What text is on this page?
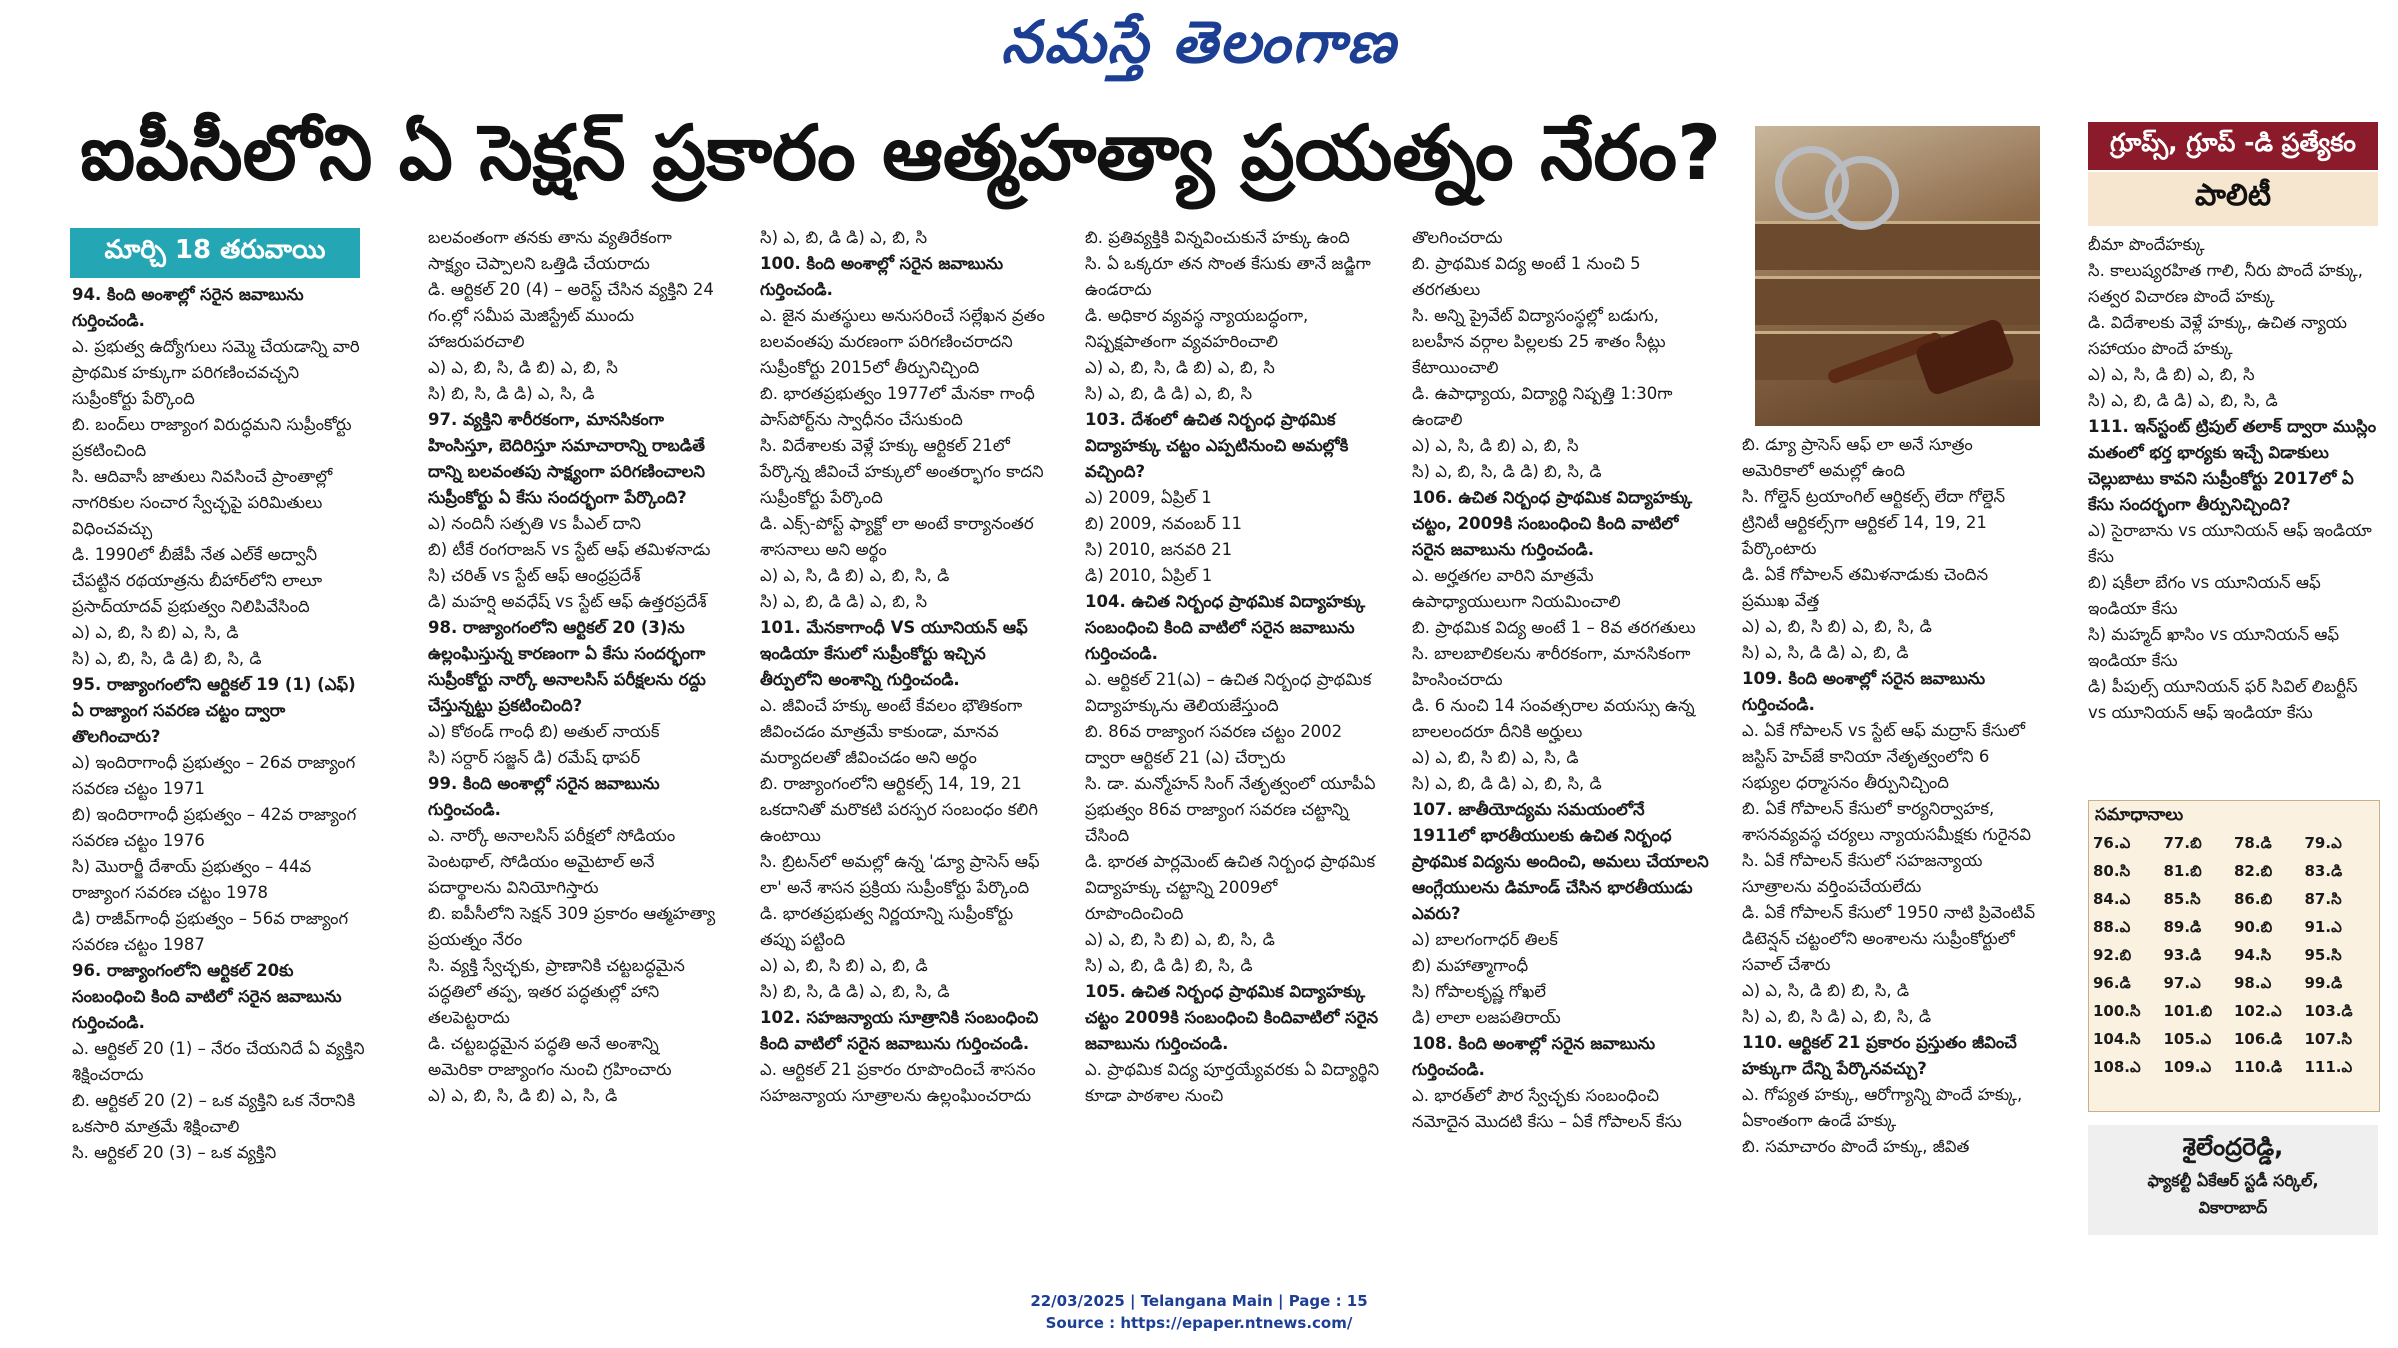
నమస్తే తెలంగాణ
ఐపీసీలోని ఏ సెక్షన్ ప్రకారం ఆత్మహత్యా ప్రయత్నం నేరం?	గ్రూప్స్, గ్రూప్ -డి ప్రత్యేకం
పాలిటీ
మార్చి 18 తరువాయి

94. కింది అంశాల్లో సరైన జవాబును గుర్తించండి.

ఎ. ప్రభుత్వ ఉద్యోగులు సమ్మె చేయడాన్ని వారి ప్రాథమిక హక్కుగా పరిగణించవచ్చని సుప్రీంకోర్టు పేర్కొంది

బి. బంద్‌లు రాజ్యాంగ విరుద్ధమని సుప్రీంకోర్టు ప్రకటించింది

సి. ఆదివాసీ జాతులు నివసించే ప్రాంతాల్లో నాగరికుల సంచార స్వేచ్ఛపై పరిమితులు విధించవచ్చు

డి. 1990లో బీజేపీ నేత ఎల్‌కే అద్వానీ చేపట్టిన రథయాత్రను బీహార్‌లోని లాలూ ప్రసాద్‌యాదవ్ ప్రభుత్వం నిలిపివేసింది

ఎ) ఎ, బి, సి బి) ఎ, సి, డి

సి) ఎ, బి, సి, డి డి) బి, సి, డి

95. రాజ్యాంగంలోని ఆర్టికల్ 19 (1) (ఎఫ్) ఏ రాజ్యాంగ సవరణ చట్టం ద్వారా తొలగించారు?

ఎ) ఇందిరాగాంధీ ప్రభుత్వం – 26వ రాజ్యాంగ సవరణ చట్టం 1971

బి) ఇందిరాగాంధీ ప్రభుత్వం – 42వ రాజ్యాంగ సవరణ చట్టం 1976

సి) మొరార్జీ దేశాయ్ ప్రభుత్వం – 44వ రాజ్యాంగ సవరణ చట్టం 1978

డి) రాజీవ్‌గాంధీ ప్రభుత్వం – 56వ రాజ్యాంగ సవరణ చట్టం 1987

96. రాజ్యాంగంలోని ఆర్టికల్ 20కు సంబంధించి కింది వాటిలో సరైన జవాబును గుర్తించండి.

ఎ. ఆర్టికల్ 20 (1) – నేరం చేయనిదే ఏ వ్యక్తిని శిక్షించరాదు

బి. ఆర్టికల్ 20 (2) – ఒక వ్యక్తిని ఒక నేరానికి ఒకసారి మాత్రమే శిక్షించాలి

సి. ఆర్టికల్ 20 (3) – ఒక వ్యక్తిని

బలవంతంగా తనకు తాను వ్యతిరేకంగా సాక్ష్యం చెప్పాలని ఒత్తిడి చేయరాదు

డి. ఆర్టికల్ 20 (4) – అరెస్ట్ చేసిన వ్యక్తిని 24 గం.ల్లో సమీప మెజిస్ట్రేట్ ముందు హాజరుపరచాలి

ఎ) ఎ, బి, సి, డి బి) ఎ, బి, సి

సి) బి, సి, డి డి) ఎ, సి, డి

97. వ్యక్తిని శారీరకంగా, మానసికంగా హింసిస్తూ, బెదిరిస్తూ సమాచారాన్ని రాబడితే దాన్ని బలవంతపు సాక్ష్యంగా పరిగణించాలని సుప్రీంకోర్టు ఏ కేసు సందర్భంగా పేర్కొంది?

ఎ) నందినీ సత్పతి vs పీఎల్ దాని

బి) టీకే రంగరాజన్ vs స్టేట్ ఆఫ్ తమిళనాడు

సి) చరిత్ vs స్టేట్ ఆఫ్ ఆంధ్రప్రదేశ్

డి) మహర్షి అవధేష్ vs స్టేట్ ఆఫ్ ఉత్తరప్రదేశ్

98. రాజ్యాంగంలోని ఆర్టికల్ 20 (3)ను ఉల్లంఘిస్తున్న కారణంగా ఏ కేసు సందర్భంగా సుప్రీంకోర్టు నార్కో అనాలసిస్ పరీక్షలను రద్దు చేస్తున్నట్టు ప్రకటించింది?

ఎ) కోఠండ్ గాంధీ బి) అతుల్ నాయక్

సి) సర్దార్ సజ్జన్ డి) రమేష్ థాపర్

99. కింది అంశాల్లో సరైన జవాబును గుర్తించండి.

ఎ. నార్కో అనాలసిస్ పరీక్షలో సోడియం పెంటథాల్, సోడియం అమైటాల్ అనే పదార్థాలను వినియోగిస్తారు

బి. ఐపీసీలోని సెక్షన్ 309 ప్రకారం ఆత్మహత్యా ప్రయత్నం నేరం

సి. వ్యక్తి స్వేచ్ఛకు, ప్రాణానికి చట్టబద్ధమైన పద్ధతిలో తప్ప, ఇతర పద్ధతుల్లో హాని తలపెట్టరాదు

డి. చట్టబద్ధమైన పద్ధతి అనే అంశాన్ని అమెరికా రాజ్యాంగం నుంచి గ్రహించారు

ఎ) ఎ, బి, సి, డి బి) ఎ, సి, డి

సి) ఎ, బి, డి డి) ఎ, బి, సి

100. కింది అంశాల్లో సరైన జవాబును గుర్తించండి.

ఎ. జైన మతస్థులు అనుసరించే సల్లేఖన వ్రతం బలవంతపు మరణంగా పరిగణించరాదని సుప్రీంకోర్టు 2015లో తీర్పునిచ్చింది

బి. భారతప్రభుత్వం 1977లో మేనకా గాంధీ పాస్‌పోర్ట్‌ను స్వాధీనం చేసుకుంది

సి. విదేశాలకు వెళ్లే హక్కు ఆర్టికల్ 21లో పేర్కొన్న జీవించే హక్కులో అంతర్భాగం కాదని సుప్రీంకోర్టు పేర్కొంది

డి. ఎక్స్-పోస్ట్ ఫ్యాక్టో లా అంటే కార్యానంతర శాసనాలు అని అర్థం

ఎ) ఎ, సి, డి బి) ఎ, బి, సి, డి

సి) ఎ, బి, డి డి) ఎ, బి, సి

101. మేనకాగాంధీ VS యూనియన్ ఆఫ్ ఇండియా కేసులో సుప్రీంకోర్టు ఇచ్చిన తీర్పులోని అంశాన్ని గుర్తించండి.

ఎ. జీవించే హక్కు అంటే కేవలం భౌతికంగా జీవించడం మాత్రమే కాకుండా, మానవ మర్యాదలతో జీవించడం అని అర్థం

బి. రాజ్యాంగంలోని ఆర్టికల్స్ 14, 19, 21 ఒకదానితో మరొకటి పరస్పర సంబంధం కలిగి ఉంటాయి

సి. బ్రిటన్‌లో అమల్లో ఉన్న 'డ్యూ ప్రాసెస్ ఆఫ్ లా' అనే శాసన ప్రక్రియ సుప్రీంకోర్టు పేర్కొంది

డి. భారతప్రభుత్వ నిర్ణయాన్ని సుప్రీంకోర్టు తప్పు పట్టింది

ఎ) ఎ, బి, సి బి) ఎ, బి, డి

సి) బి, సి, డి డి) ఎ, బి, సి, డి

102. సహజన్యాయ సూత్రానికి సంబంధించి కింది వాటిలో సరైన జవాబును గుర్తించండి.

ఎ. ఆర్టికల్ 21 ప్రకారం రూపొందించే శాసనం సహజన్యాయ సూత్రాలను ఉల్లంఘించరాదు

బి. ప్రతివ్యక్తికి విన్నవించుకునే హక్కు ఉంది

సి. ఏ ఒక్కరూ తన సొంత కేసుకు తానే జడ్జిగా ఉండరాదు

డి. అధికార వ్యవస్థ న్యాయబద్ధంగా, నిష్పక్షపాతంగా వ్యవహరించాలి

ఎ) ఎ, బి, సి, డి బి) ఎ, బి, సి

సి) ఎ, బి, డి డి) ఎ, బి, సి

103. దేశంలో ఉచిత నిర్బంధ ప్రాథమిక విద్యాహక్కు చట్టం ఎప్పటినుంచి అమల్లోకి వచ్చింది?

ఎ) 2009, ఏప్రిల్ 1

బి) 2009, నవంబర్ 11

సి) 2010, జనవరి 21

డి) 2010, ఏప్రిల్ 1

104. ఉచిత నిర్బంధ ప్రాథమిక విద్యాహక్కు సంబంధించి కింది వాటిలో సరైన జవాబును గుర్తించండి.

ఎ. ఆర్టికల్ 21(ఎ) – ఉచిత నిర్బంధ ప్రాథమిక విద్యాహక్కును తెలియజేస్తుంది

బి. 86వ రాజ్యాంగ సవరణ చట్టం 2002 ద్వారా ఆర్టికల్ 21 (ఎ) చేర్చారు

సి. డా. మన్మోహన్ సింగ్ నేతృత్వంలో యూపీఏ ప్రభుత్వం 86వ రాజ్యాంగ సవరణ చట్టాన్ని చేసింది

డి. భారత పార్లమెంట్ ఉచిత నిర్బంధ ప్రాథమిక విద్యాహక్కు చట్టాన్ని 2009లో రూపొందించింది

ఎ) ఎ, బి, సి బి) ఎ, బి, సి, డి

సి) ఎ, బి, డి డి) బి, సి, డి

105. ఉచిత నిర్బంధ ప్రాథమిక విద్యాహక్కు చట్టం 2009కి సంబంధించి కిందివాటిలో సరైన జవాబును గుర్తించండి.

ఎ. ప్రాథమిక విద్య పూర్తయ్యేవరకు ఏ విద్యార్థిని కూడా పాఠశాల నుంచి

తొలగించరాదు

బి. ప్రాథమిక విద్య అంటే 1 నుంచి 5 తరగతులు

సి. అన్ని ప్రైవేట్ విద్యాసంస్థల్లో బడుగు, బలహీన వర్గాల పిల్లలకు 25 శాతం సీట్లు కేటాయించాలి

డి. ఉపాధ్యాయ, విద్యార్థి నిష్పత్తి 1:30గా ఉండాలి

ఎ) ఎ, సి, డి బి) ఎ, బి, సి

సి) ఎ, బి, సి, డి డి) బి, సి, డి

106. ఉచిత నిర్బంధ ప్రాథమిక విద్యాహక్కు చట్టం, 2009కి సంబంధించి కింది వాటిలో సరైన జవాబును గుర్తించండి.

ఎ. అర్హతగల వారిని మాత్రమే ఉపాధ్యాయులుగా నియమించాలి

బి. ప్రాథమిక విద్య అంటే 1 – 8వ తరగతులు

సి. బాలబాలికలను శారీరకంగా, మానసికంగా హింసించరాదు

డి. 6 నుంచి 14 సంవత్సరాల వయస్సు ఉన్న బాలలందరూ దీనికి అర్హులు

ఎ) ఎ, బి, సి బి) ఎ, సి, డి

సి) ఎ, బి, డి డి) ఎ, బి, సి, డి

107. జాతీయోద్యమ సమయంలోనే 1911లో భారతీయులకు ఉచిత నిర్బంధ ప్రాథమిక విద్యను అందించి, అమలు చేయాలని ఆంగ్లేయులను డిమాండ్ చేసిన భారతీయుడు ఎవరు?

ఎ) బాలగంగాధర్ తిలక్

బి) మహాత్మాగాంధీ

సి) గోపాలకృష్ణ గోఖలే

డి) లాలా లజపతిరాయ్

108. కింది అంశాల్లో సరైన జవాబును గుర్తించండి.

ఎ. భారత్‌లో పౌర స్వేచ్ఛకు సంబంధించి నమోదైన మొదటి కేసు – ఏకే గోపాలన్ కేసు

బి. డ్యూ ప్రాసెస్ ఆఫ్ లా అనే సూత్రం అమెరికాలో అమల్లో ఉంది

సి. గోల్డెన్ ట్రయాంగిల్ ఆర్టికల్స్ లేదా గోల్డెన్ ట్రినిటీ ఆర్టికల్స్‌గా ఆర్టికల్ 14, 19, 21 పేర్కొంటారు

డి. ఏకే గోపాలన్ తమిళనాడుకు చెందిన ప్రముఖ వేత్త

ఎ) ఎ, బి, సి బి) ఎ, బి, సి, డి

సి) ఎ, సి, డి డి) ఎ, బి, డి

109. కింది అంశాల్లో సరైన జవాబును గుర్తించండి.

ఎ. ఏకే గోపాలన్ vs స్టేట్ ఆఫ్ మద్రాస్ కేసులో జస్టిస్ హెచ్‌జే కానియా నేతృత్వంలోని 6 సభ్యుల ధర్మాసనం తీర్పునిచ్చింది

బి. ఏకే గోపాలన్ కేసులో కార్యనిర్వాహక, శాసనవ్యవస్థ చర్యలు న్యాయసమీక్షకు గురైనవి

సి. ఏకే గోపాలన్ కేసులో సహజన్యాయ సూత్రాలను వర్తింపచేయలేదు

డి. ఏకే గోపాలన్ కేసులో 1950 నాటి ప్రివెంటివ్ డిటెన్షన్ చట్టంలోని అంశాలను సుప్రీంకోర్టులో సవాల్ చేశారు

ఎ) ఎ, సి, డి బి) బి, సి, డి

సి) ఎ, బి, సి డి) ఎ, బి, సి, డి

110. ఆర్టికల్ 21 ప్రకారం ప్రస్తుతం జీవించే హక్కుగా దేన్ని పేర్కొనవచ్చు?

ఎ. గోప్యత హక్కు, ఆరోగ్యాన్ని పొందే హక్కు, ఏకాంతంగా ఉండే హక్కు

బి. సమాచారం పొందే హక్కు, జీవిత

బీమా పొందేహక్కు

సి. కాలుష్యరహిత గాలి, నీరు పొందే హక్కు, సత్వర విచారణ పొందే హక్కు

డి. విదేశాలకు వెళ్లే హక్కు, ఉచిత న్యాయ సహాయం పొందే హక్కు

ఎ) ఎ, సి, డి బి) ఎ, బి, సి

సి) ఎ, బి, డి డి) ఎ, బి, సి, డి

111. ఇన్‌స్టంట్ ట్రిపుల్ తలాక్ ద్వారా ముస్లిం మతంలో భర్త భార్యకు ఇచ్చే విడాకులు చెల్లుబాటు కావని సుప్రీంకోర్టు 2017లో ఏ కేసు సందర్భంగా తీర్పునిచ్చింది?

ఎ) సైరాబాను vs యూనియన్ ఆఫ్ ఇండియా కేసు

బి) షకీలా బేగం vs యూనియన్ ఆఫ్ ఇండియా కేసు

సి) మహ్మద్ ఖాసిం vs యూనియన్ ఆఫ్ ఇండియా కేసు

డి) పీపుల్స్ యూనియన్ ఫర్ సివిల్ లిబర్టీస్ vs యూనియన్ ఆఫ్ ఇండియా కేసు

సమాధానాలు
76.ఎ	77.బి	78.డి	79.ఎ
80.సి	81.బి	82.బి	83.డి
84.ఎ	85.సి	86.బి	87.సి
88.ఎ	89.డి	90.బి	91.ఎ
92.బి	93.డి	94.సి	95.సి
96.డి	97.ఎ	98.ఎ	99.డి
100.సి	101.బి	102.ఎ	103.డి
104.సి	105.ఎ	106.డి	107.సి
108.ఎ	109.ఎ	110.డి	111.ఎ
శైలేంద్రరెడ్డి,
ఫ్యాకల్టీ ఏకేఆర్ స్టడీ సర్కిల్,
వికారాబాద్
22/03/2025 | Telangana Main | Page : 15
Source : https://epaper.ntnews.com/
